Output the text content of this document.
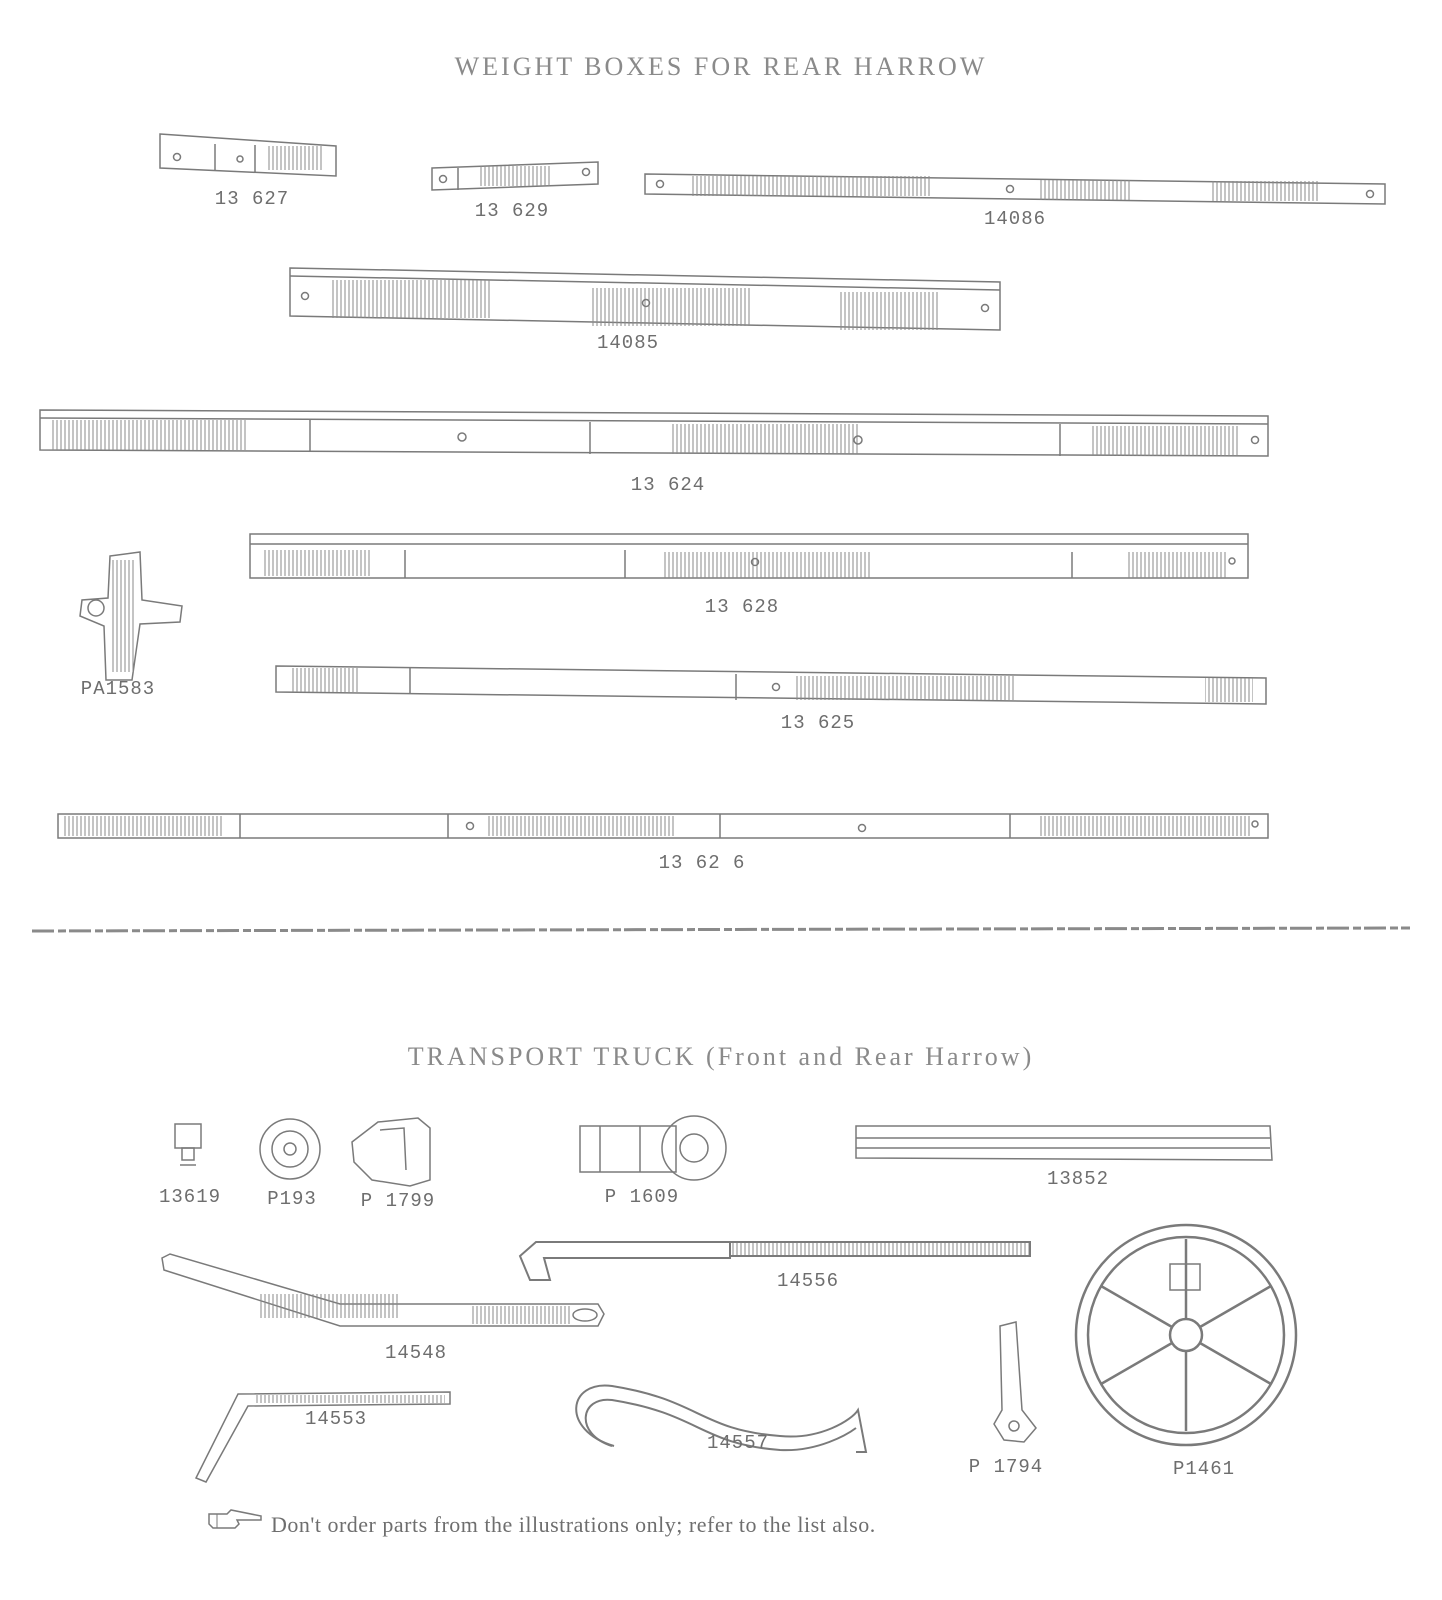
WEIGHT BOXES FOR REAR HARROW
13 627
13 629	14086
14085
13 624
13 628
PA1583
13 625
13 62 6
TRANSPORT TRUCK (Front and Rear Harrow)
13619 P193 P 1799	P 1609
13852
14556
14548
14553
14557
P 1794	P1461
Don't order parts from the illustrations only; refer to the list also.
